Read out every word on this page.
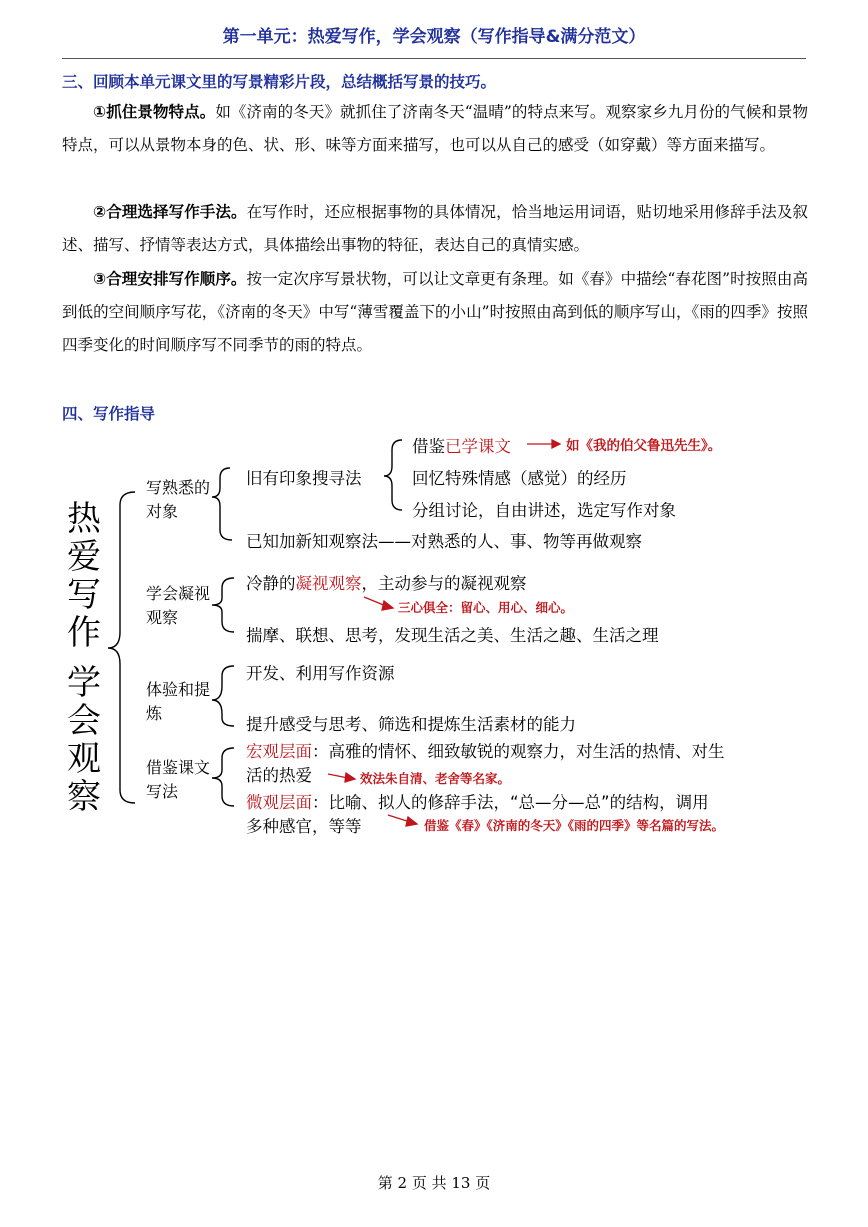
第一单元：热爱写作，学会观察（写作指导&满分范文）
三、回顾本单元课文里的写景精彩片段，总结概括写景的技巧。
①抓住景物特点。如《济南的冬天》就抓住了济南冬天“温晴”的特点来写。观察家乡九月份的气候和景物特点，可以从景物本身的色、状、形、味等方面来描写，也可以从自己的感受（如穿戴）等方面来描写。
②合理选择写作手法。在写作时，还应根据事物的具体情况，恰当地运用词语，贴切地采用修辞手法及叙述、描写、抒情等表达方式，具体描绘出事物的特征，表达自己的真情实感。
③合理安排写作顺序。按一定次序写景状物，可以让文章更有条理。如《春》中描绘“春花图”时按照由高到低的空间顺序写花，《济南的冬天》中写“薄雪覆盖下的小山”时按照由高到低的顺序写山，《雨的四季》按照四季变化的时间顺序写不同季节的雨的特点。
四、写作指导
热爱写作
学会观察
写熟悉的对象
旧有印象搜寻法
借鉴已学课文	如《我的伯父鲁迅先生》。
回忆特殊情感（感觉）的经历
分组讨论，自由讲述，选定写作对象
已知加新知观察法——对熟悉的人、事、物等再做观察
学会凝视观察
冷静的凝视观察，主动参与的凝视观察
三心俱全：留心、用心、细心。
揣摩、联想、思考，发现生活之美、生活之趣、生活之理
体验和提炼
开发、利用写作资源
提升感受与思考、筛选和提炼生活素材的能力
借鉴课文写法
宏观层面：高雅的情怀、细致敏锐的观察力，对生活的热情、对生
活的热爱	效法朱自清、老舍等名家。
微观层面：比喻、拟人的修辞手法，“总—分—总”的结构，调用
多种感官，等等	借鉴《春》《济南的冬天》《雨的四季》等名篇的写法。
第 2 页 共 13 页
